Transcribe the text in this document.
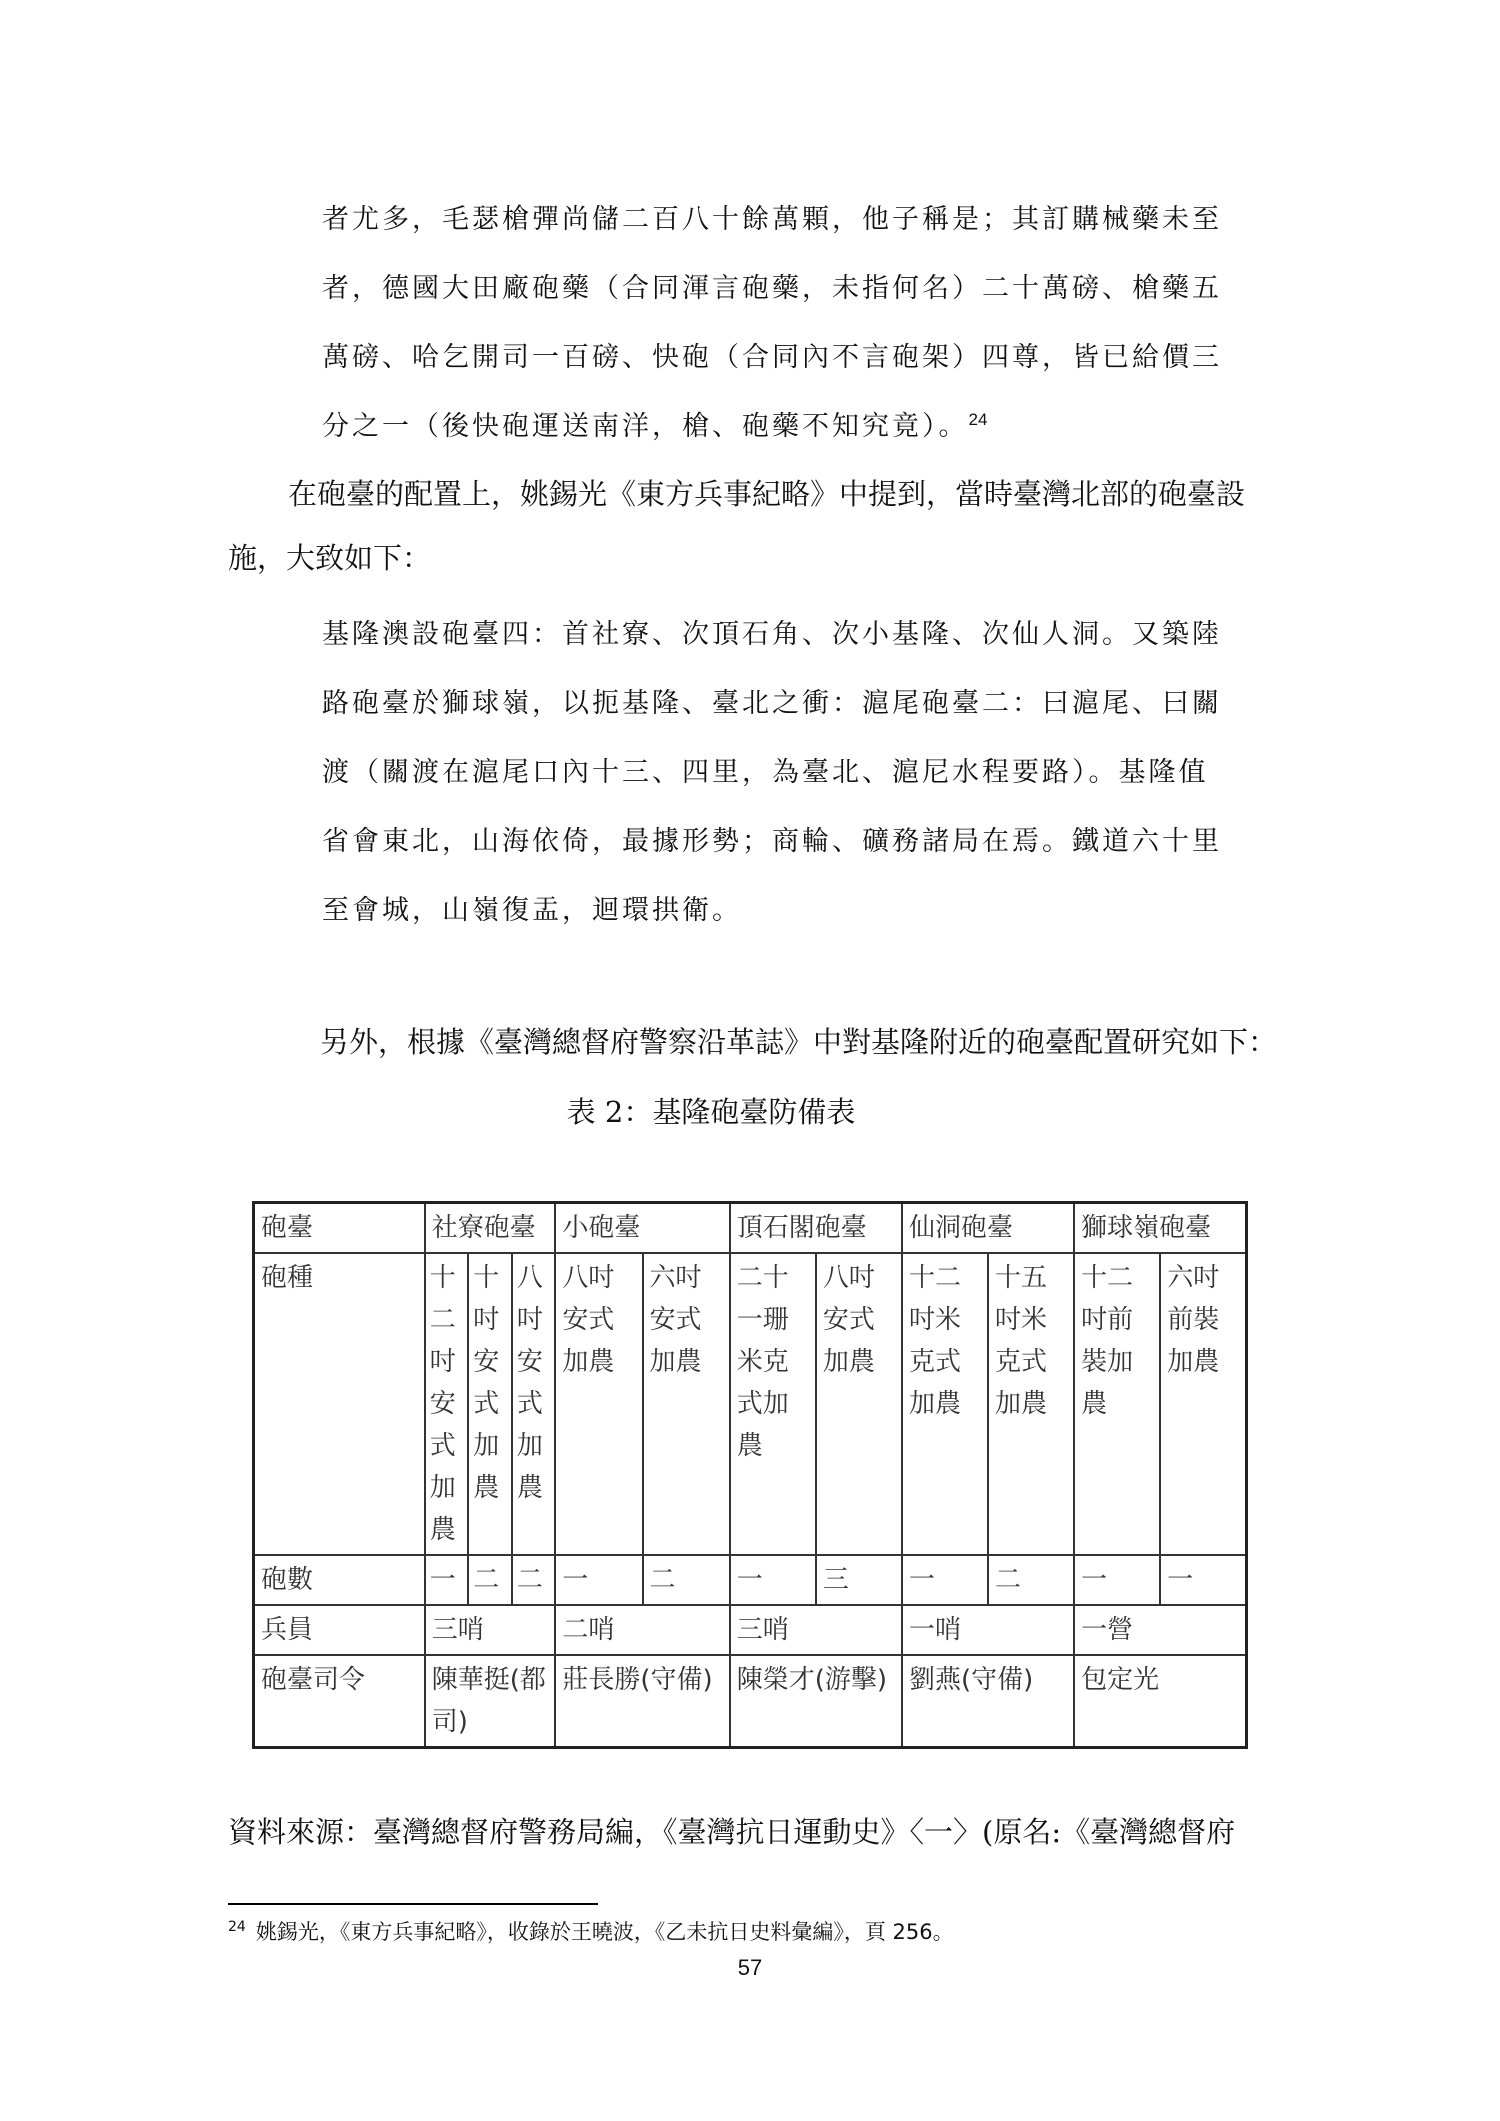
者尤多，毛瑟槍彈尚儲二百八十餘萬顆，他子稱是；其訂購械藥未至

者，德國大田廠砲藥（合同渾言砲藥，未指何名）二十萬磅、槍藥五

萬磅、哈乞開司一百磅、快砲（合同內不言砲架）四尊，皆已給價三

分之一（後快砲運送南洋，槍、砲藥不知究竟）。$^{24}$

在砲臺的配置上，姚錫光《東方兵事紀略》中提到，當時臺灣北部的砲臺設

施，大致如下：

基隆澳設砲臺四：首社寮、次頂石角、次小基隆、次仙人洞。又築陸

路砲臺於獅球嶺，以扼基隆、臺北之衝：滬尾砲臺二：曰滬尾、曰關

渡（關渡在滬尾口內十三、四里，為臺北、滬尼水程要路）。基隆值

省會東北，山海依倚，最據形勢；商輪、礦務諸局在焉。鐵道六十里

至會城，山嶺復盂，迴環拱衛。

另外，根據《臺灣總督府警察沿革誌》中對基隆附近的砲臺配置研究如下：

表 2：基隆砲臺防備表
砲臺	社寮砲臺			小砲臺		頂石閣砲臺		仙洞砲臺		獅球嶺砲臺	
砲種	十二吋安式加農	十吋安式加農	八吋安式加農	八吋安式加農	六吋安式加農	二十一珊米克式加農	八吋安式加農	十二吋米克式加農	十五吋米克式加農	十二吋前裝加農	六吋前裝加農
砲數	一	二	二	一	二	一	三	一	二	一	一
兵員	三哨			二哨		三哨		一哨		一營	
砲臺司令	陳華挺(都司)			莊長勝(守備)		陳榮才(游擊)		劉燕(守備)		包定光	
資料來源：臺灣總督府警務局編，《臺灣抗日運動史》〈一〉(原名:《臺灣總督府
$^{24}$ 姚錫光，《東方兵事紀略》，收錄於王曉波，《乙未抗日史料彙編》，頁 256。
57
